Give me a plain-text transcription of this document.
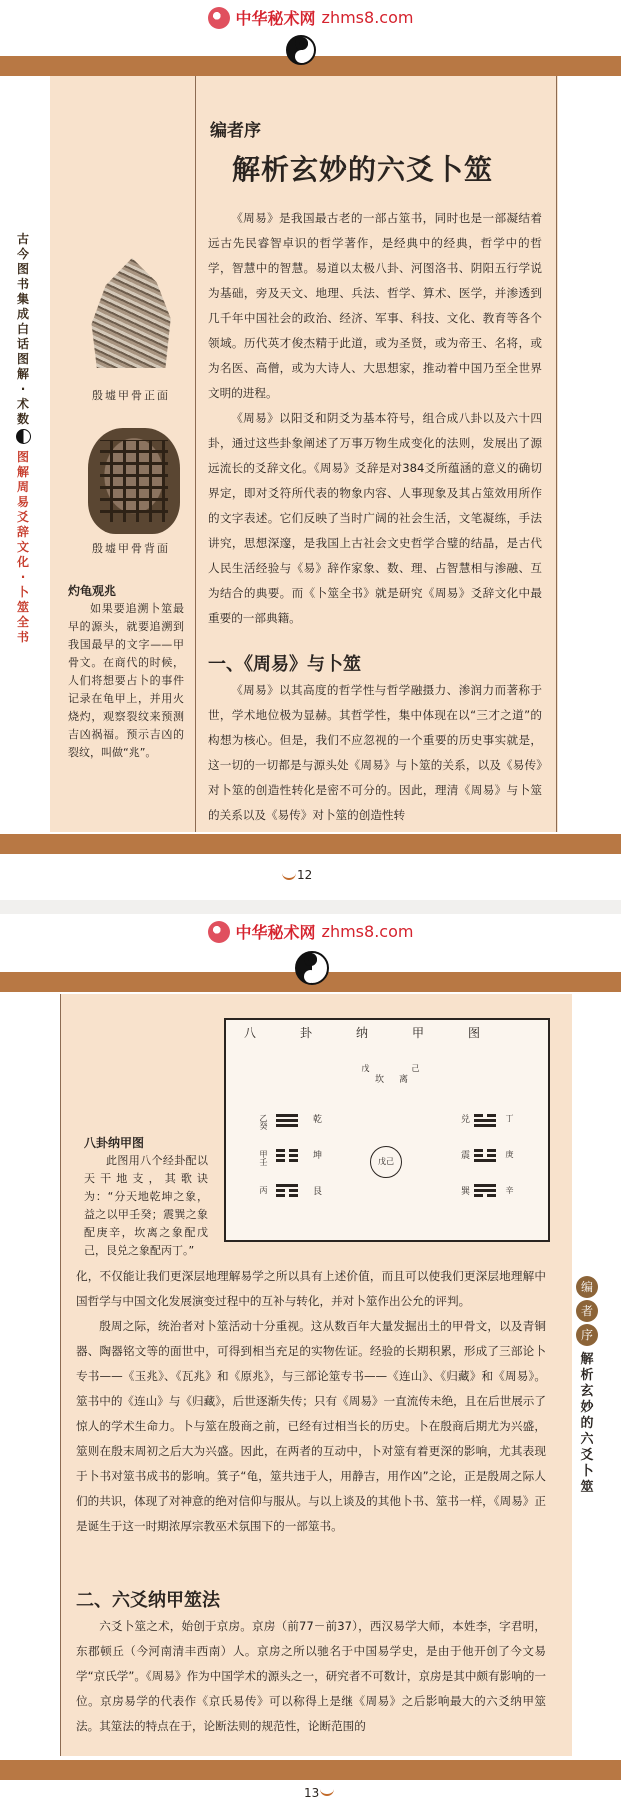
中华秘术网 zhms8.com
古
今
图
书
集
成
白
话
图
解
·
术
数
图
解
周
易
爻
辞
文
化
·
卜
筮
全
书
殷墟甲骨正面
殷墟甲骨背面
灼龟观兆
如果要追溯卜筮最早的源头，就要追溯到我国最早的文字——甲骨文。在商代的时候，人们将想要占卜的事件记录在龟甲上，并用火烧灼，观察裂纹来预测吉凶祸福。预示吉凶的裂纹，叫做“兆”。
编者序
解析玄妙的六爻卜筮

《周易》是我国最古老的一部占筮书，同时也是一部凝结着远古先民睿智卓识的哲学著作，是经典中的经典，哲学中的哲学，智慧中的智慧。易道以太极八卦、河图洛书、阴阳五行学说为基础，旁及天文、地理、兵法、哲学、算术、医学，并渗透到几千年中国社会的政治、经济、军事、科技、文化、教育等各个领域。历代英才俊杰精于此道，或为圣贤，或为帝王、名将，或为名医、高僧，或为大诗人、大思想家，推动着中国乃至全世界文明的进程。

《周易》以阳爻和阴爻为基本符号，组合成八卦以及六十四卦，通过这些卦象阐述了万事万物生成变化的法则，发展出了源远流长的爻辞文化。《周易》爻辞是对384爻所蕴涵的意义的确切界定，即对爻符所代表的物象内容、人事现象及其占筮效用所作的文字表述。它们反映了当时广阔的社会生活，文笔凝练，手法讲究，思想深邃，是我国上古社会文史哲学合璧的结晶，是古代人民生活经验与《易》辞作家象、数、理、占智慧相与渗融、互为结合的典要。而《卜筮全书》就是研究《周易》爻辞文化中最重要的一部典籍。

一、《周易》与卜筮

《周易》以其高度的哲学性与哲学融摄力、渗润力而著称于世，学术地位极为显赫。其哲学性，集中体现在以“三才之道”的构想为核心。但是，我们不应忽视的一个重要的历史事实就是，这一切的一切都是与源头处《周易》与卜筮的关系，以及《易传》对卜筮的创造性转化是密不可分的。因此，理清《周易》与卜筮的关系以及《易传》对卜筮的创造性转

12
中华秘术网 zhms8.com
八卦纳甲图
乾
坤
艮
兑
震
巽
乙癸
甲壬
丙
丁
庚
辛
戊	己
坎 离
戊己
八卦纳甲图
此图用八个经卦配以天干地支，其歌诀为：“分天地乾坤之象，益之以甲壬癸；震巽之象配庚辛，坎离之象配戊己，艮兑之象配丙丁。”

化，不仅能让我们更深层地理解易学之所以具有上述价值，而且可以使我们更深层地理解中国哲学与中国文化发展演变过程中的互补与转化，并对卜筮作出公允的评判。

殷周之际，统治者对卜筮活动十分重视。这从数百年大量发掘出土的甲骨文，以及青铜器、陶器铭文等的面世中，可得到相当充足的实物佐证。经验的长期积累，形成了三部论卜专书——《玉兆》、《瓦兆》和《原兆》，与三部论筮专书——《连山》、《归藏》和《周易》。筮书中的《连山》与《归藏》，后世逐渐失传；只有《周易》一直流传未绝，且在后世展示了惊人的学术生命力。卜与筮在殷商之前，已经有过相当长的历史。卜在殷商后期尤为兴盛，筮则在殷末周初之后大为兴盛。因此，在两者的互动中，卜对筮有着更深的影响，尤其表现于卜书对筮书成书的影响。箕子“龟，筮共违于人，用静吉，用作凶”之论，正是殷周之际人们的共识，体现了对神意的绝对信仰与服从。与以上谈及的其他卜书、筮书一样，《周易》正是诞生于这一时期浓厚宗教巫术氛围下的一部筮书。

二、六爻纳甲筮法

六爻卜筮之术，始创于京房。京房（前77－前37），西汉易学大师，本姓李，字君明，东郡顿丘（今河南清丰西南）人。京房之所以驰名于中国易学史，是由于他开创了今文易学“京氏学”。《周易》作为中国学术的源头之一，研究者不可数计，京房是其中颇有影响的一位。京房易学的代表作《京氏易传》可以称得上是继《周易》之后影响最大的六爻纳甲筮法。其筮法的特点在于，论断法则的规范性，论断范围的

编
者
序
解
析
玄
妙
的
六
爻
卜
筮
13
